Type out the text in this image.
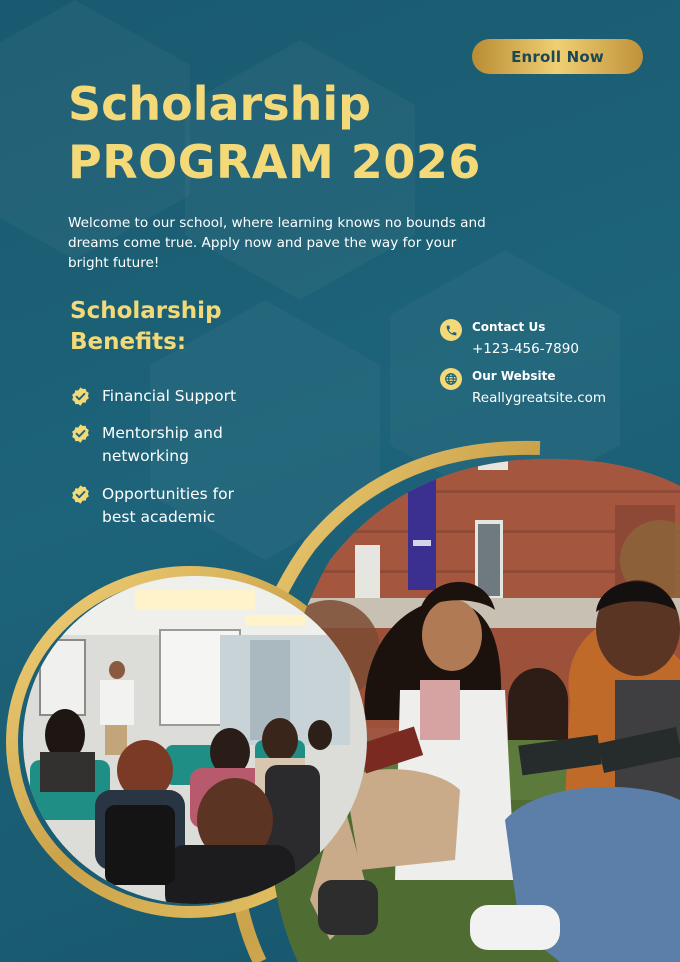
Enroll Now
Scholarship
PROGRAM 2026

Welcome to our school, where learning knows no bounds and dreams come true. Apply now and pave the way for your bright future!

Scholarship
Benefits:
Financial Support
Mentorship and
networking
Opportunities for
best academic
Contact Us
+123-456-7890
Our Website
Reallygreatsite.com
